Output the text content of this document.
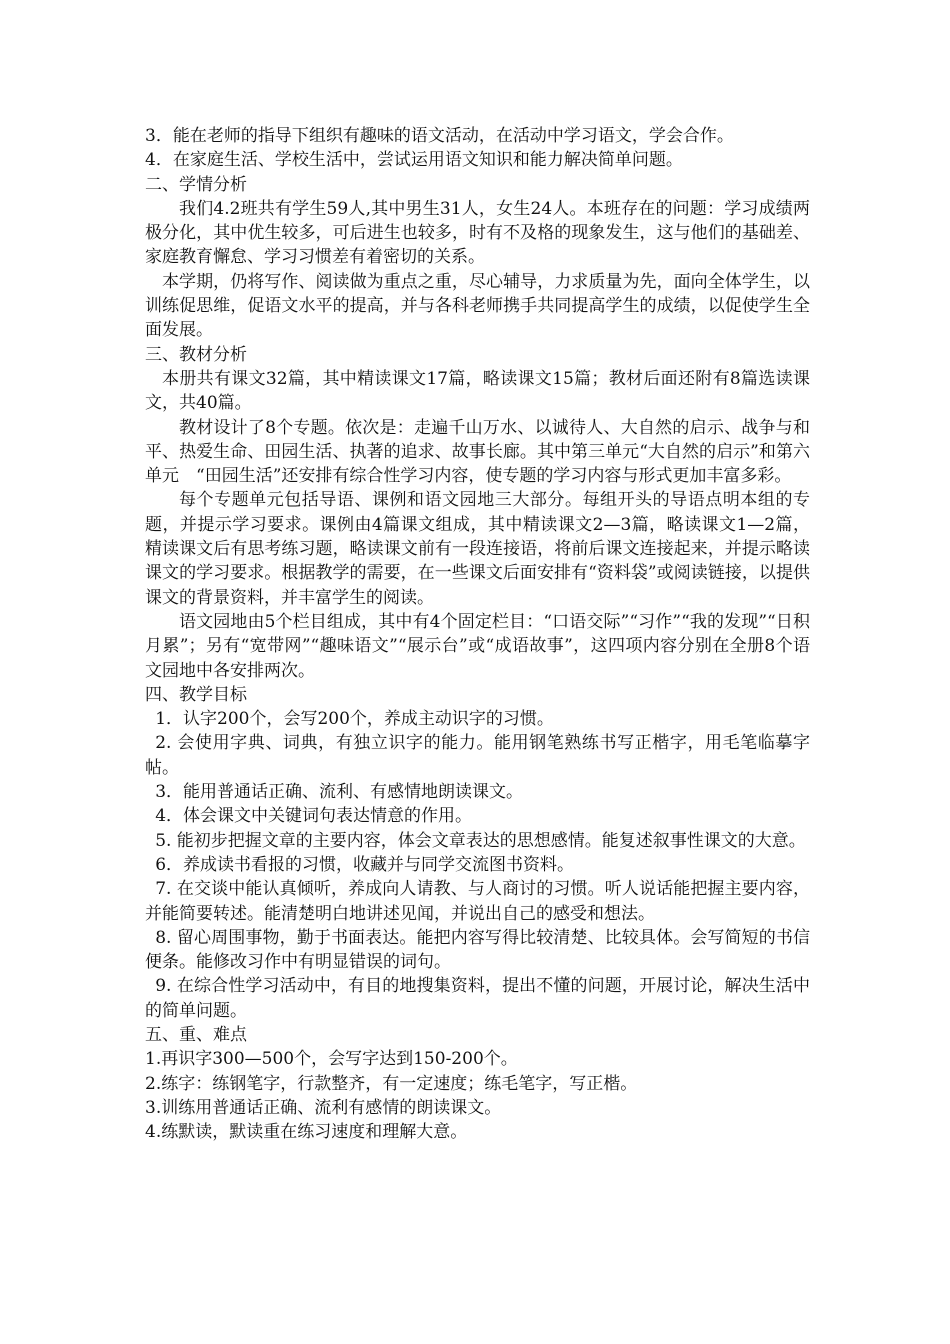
3．能在老师的指导下组织有趣味的语文活动，在活动中学习语文，学会合作。

4．在家庭生活、学校生活中，尝试运用语文知识和能力解决简单问题。

二、学情分析

我们4.2班共有学生59人,其中男生31人，女生24人。本班存在的问题：学习成绩两极分化，其中优生较多，可后进生也较多，时有不及格的现象发生，这与他们的基础差、家庭教育懈怠、学习习惯差有着密切的关系。

本学期，仍将写作、阅读做为重点之重，尽心辅导，力求质量为先，面向全体学生，以训练促思维，促语文水平的提高，并与各科老师携手共同提高学生的成绩，以促使学生全面发展。

三、教材分析

本册共有课文32篇，其中精读课文17篇，略读课文15篇；教材后面还附有8篇选读课文，共40篇。

教材设计了8个专题。依次是：走遍千山万水、以诚待人、大自然的启示、战争与和平、热爱生命、田园生活、执著的追求、故事长廊。其中第三单元“大自然的启示”和第六单元　“田园生活”还安排有综合性学习内容，使专题的学习内容与形式更加丰富多彩。

每个专题单元包括导语、课例和语文园地三大部分。每组开头的导语点明本组的专题，并提示学习要求。课例由4篇课文组成，其中精读课文2—3篇，略读课文1—2篇，精读课文后有思考练习题，略读课文前有一段连接语，将前后课文连接起来，并提示略读课文的学习要求。根据教学的需要，在一些课文后面安排有“资料袋”或阅读链接，以提供课文的背景资料，并丰富学生的阅读。

语文园地由5个栏目组成，其中有4个固定栏目：“口语交际”“习作”“我的发现”“日积月累”；另有“宽带网”“趣味语文”“展示台”或“成语故事”，这四项内容分别在全册8个语文园地中各安排两次。

四、教学目标

1．认字200个，会写200个，养成主动识字的习惯。

2. 会使用字典、词典，有独立识字的能力。能用钢笔熟练书写正楷字，用毛笔临摹字帖。

3．能用普通话正确、流利、有感情地朗读课文。

4．体会课文中关键词句表达情意的作用。

5. 能初步把握文章的主要内容，体会文章表达的思想感情。能复述叙事性课文的大意。

6．养成读书看报的习惯，收藏并与同学交流图书资料。

7. 在交谈中能认真倾听，养成向人请教、与人商讨的习惯。听人说话能把握主要内容，并能简要转述。能清楚明白地讲述见闻，并说出自己的感受和想法。

8. 留心周围事物，勤于书面表达。能把内容写得比较清楚、比较具体。会写简短的书信便条。能修改习作中有明显错误的词句。

9. 在综合性学习活动中，有目的地搜集资料，提出不懂的问题，开展讨论，解决生活中的简单问题。

五、重、难点

1.再识字300—500个，会写字达到150-200个。

2.练字：练钢笔字，行款整齐，有一定速度；练毛笔字，写正楷。

3.训练用普通话正确、流利有感情的朗读课文。

4.练默读，默读重在练习速度和理解大意。
